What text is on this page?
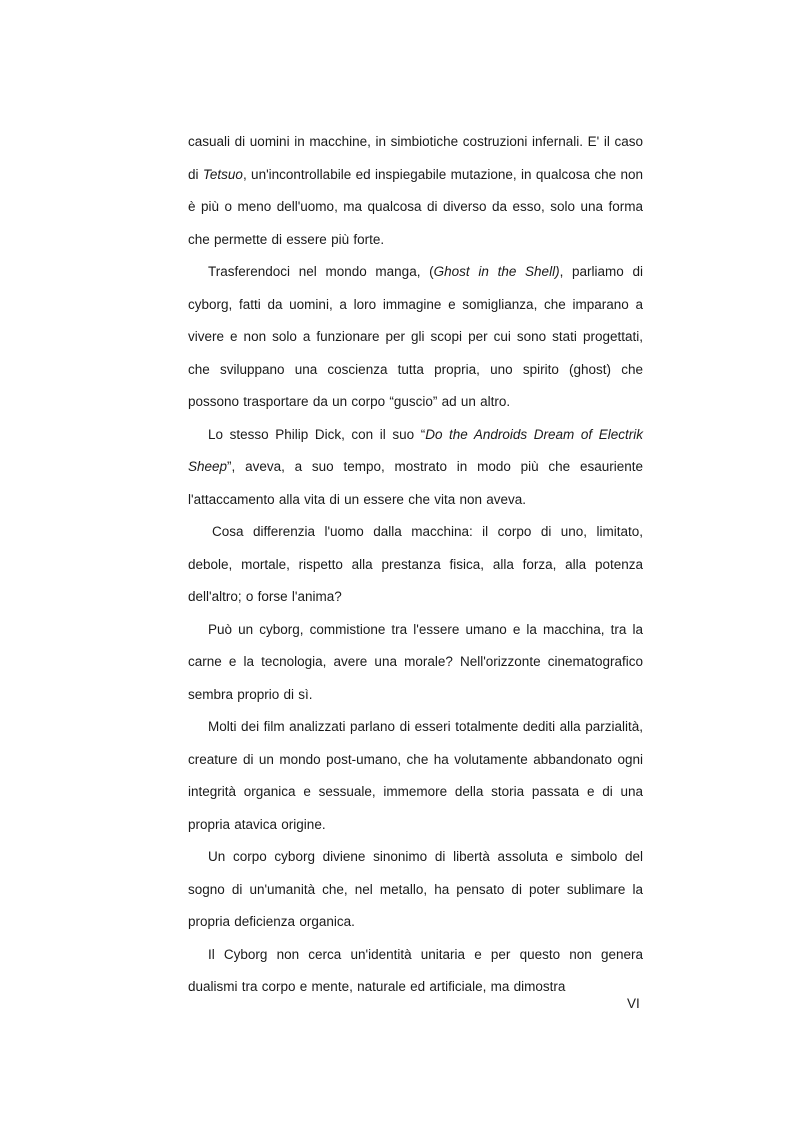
casuali di uomini in macchine, in simbiotiche costruzioni infernali. E' il caso di Tetsuo, un'incontrollabile ed inspiegabile mutazione, in qualcosa che non è più o meno dell'uomo, ma qualcosa di diverso da esso, solo una forma che permette di essere più forte.

Trasferendoci nel mondo manga, (Ghost in the Shell), parliamo di cyborg, fatti da uomini, a loro immagine e somiglianza, che imparano a vivere e non solo a funzionare per gli scopi per cui sono stati progettati, che sviluppano una coscienza tutta propria, uno spirito (ghost) che possono trasportare da un corpo “guscio” ad un altro.

Lo stesso Philip Dick, con il suo “Do the Androids Dream of Electrik Sheep”, aveva, a suo tempo, mostrato in modo più che esauriente l'attaccamento alla vita di un essere che vita non aveva.

Cosa differenzia l'uomo dalla macchina: il corpo di uno, limitato, debole, mortale, rispetto alla prestanza fisica, alla forza, alla potenza dell'altro; o forse l'anima?

Può un cyborg, commistione tra l'essere umano e la macchina, tra la carne e la tecnologia, avere una morale? Nell'orizzonte cinematografico sembra proprio di sì.

Molti dei film analizzati parlano di esseri totalmente dediti alla parzialità, creature di un mondo post-umano, che ha volutamente abbandonato ogni integrità organica e sessuale, immemore della storia passata e di una propria atavica origine.

Un corpo cyborg diviene sinonimo di libertà assoluta e simbolo del sogno di un'umanità che, nel metallo, ha pensato di poter sublimare la propria deficienza organica.

Il Cyborg non cerca un'identità unitaria e per questo non genera dualismi tra corpo e mente, naturale ed artificiale, ma dimostra

VI
